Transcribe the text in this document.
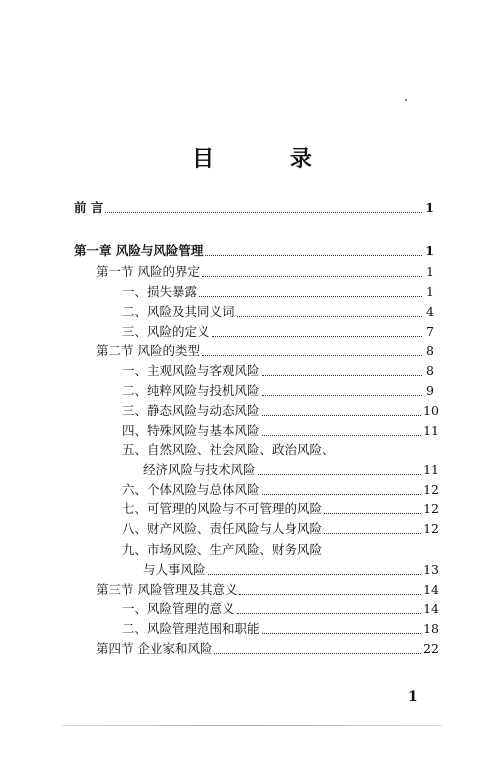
目 录
前 言	1
第一章 风险与风险管理	1
第一节 风险的界定	1
一、损失暴露	1
二、风险及其同义词	4
三、风险的定义	7
第二节 风险的类型	8
一、主观风险与客观风险	8
二、纯粹风险与投机风险	9
三、静态风险与动态风险	10
四、特殊风险与基本风险	11
五、自然风险、社会风险、政治风险、
经济风险与技术风险	11
六、个体风险与总体风险	12
七、可管理的风险与不可管理的风险	12
八、财产风险、责任风险与人身风险	12
九、市场风险、生产风险、财务风险
与人事风险	13
第三节 风险管理及其意义	14
一、风险管理的意义	14
二、风险管理范围和职能	18
第四节 企业家和风险	22
1
